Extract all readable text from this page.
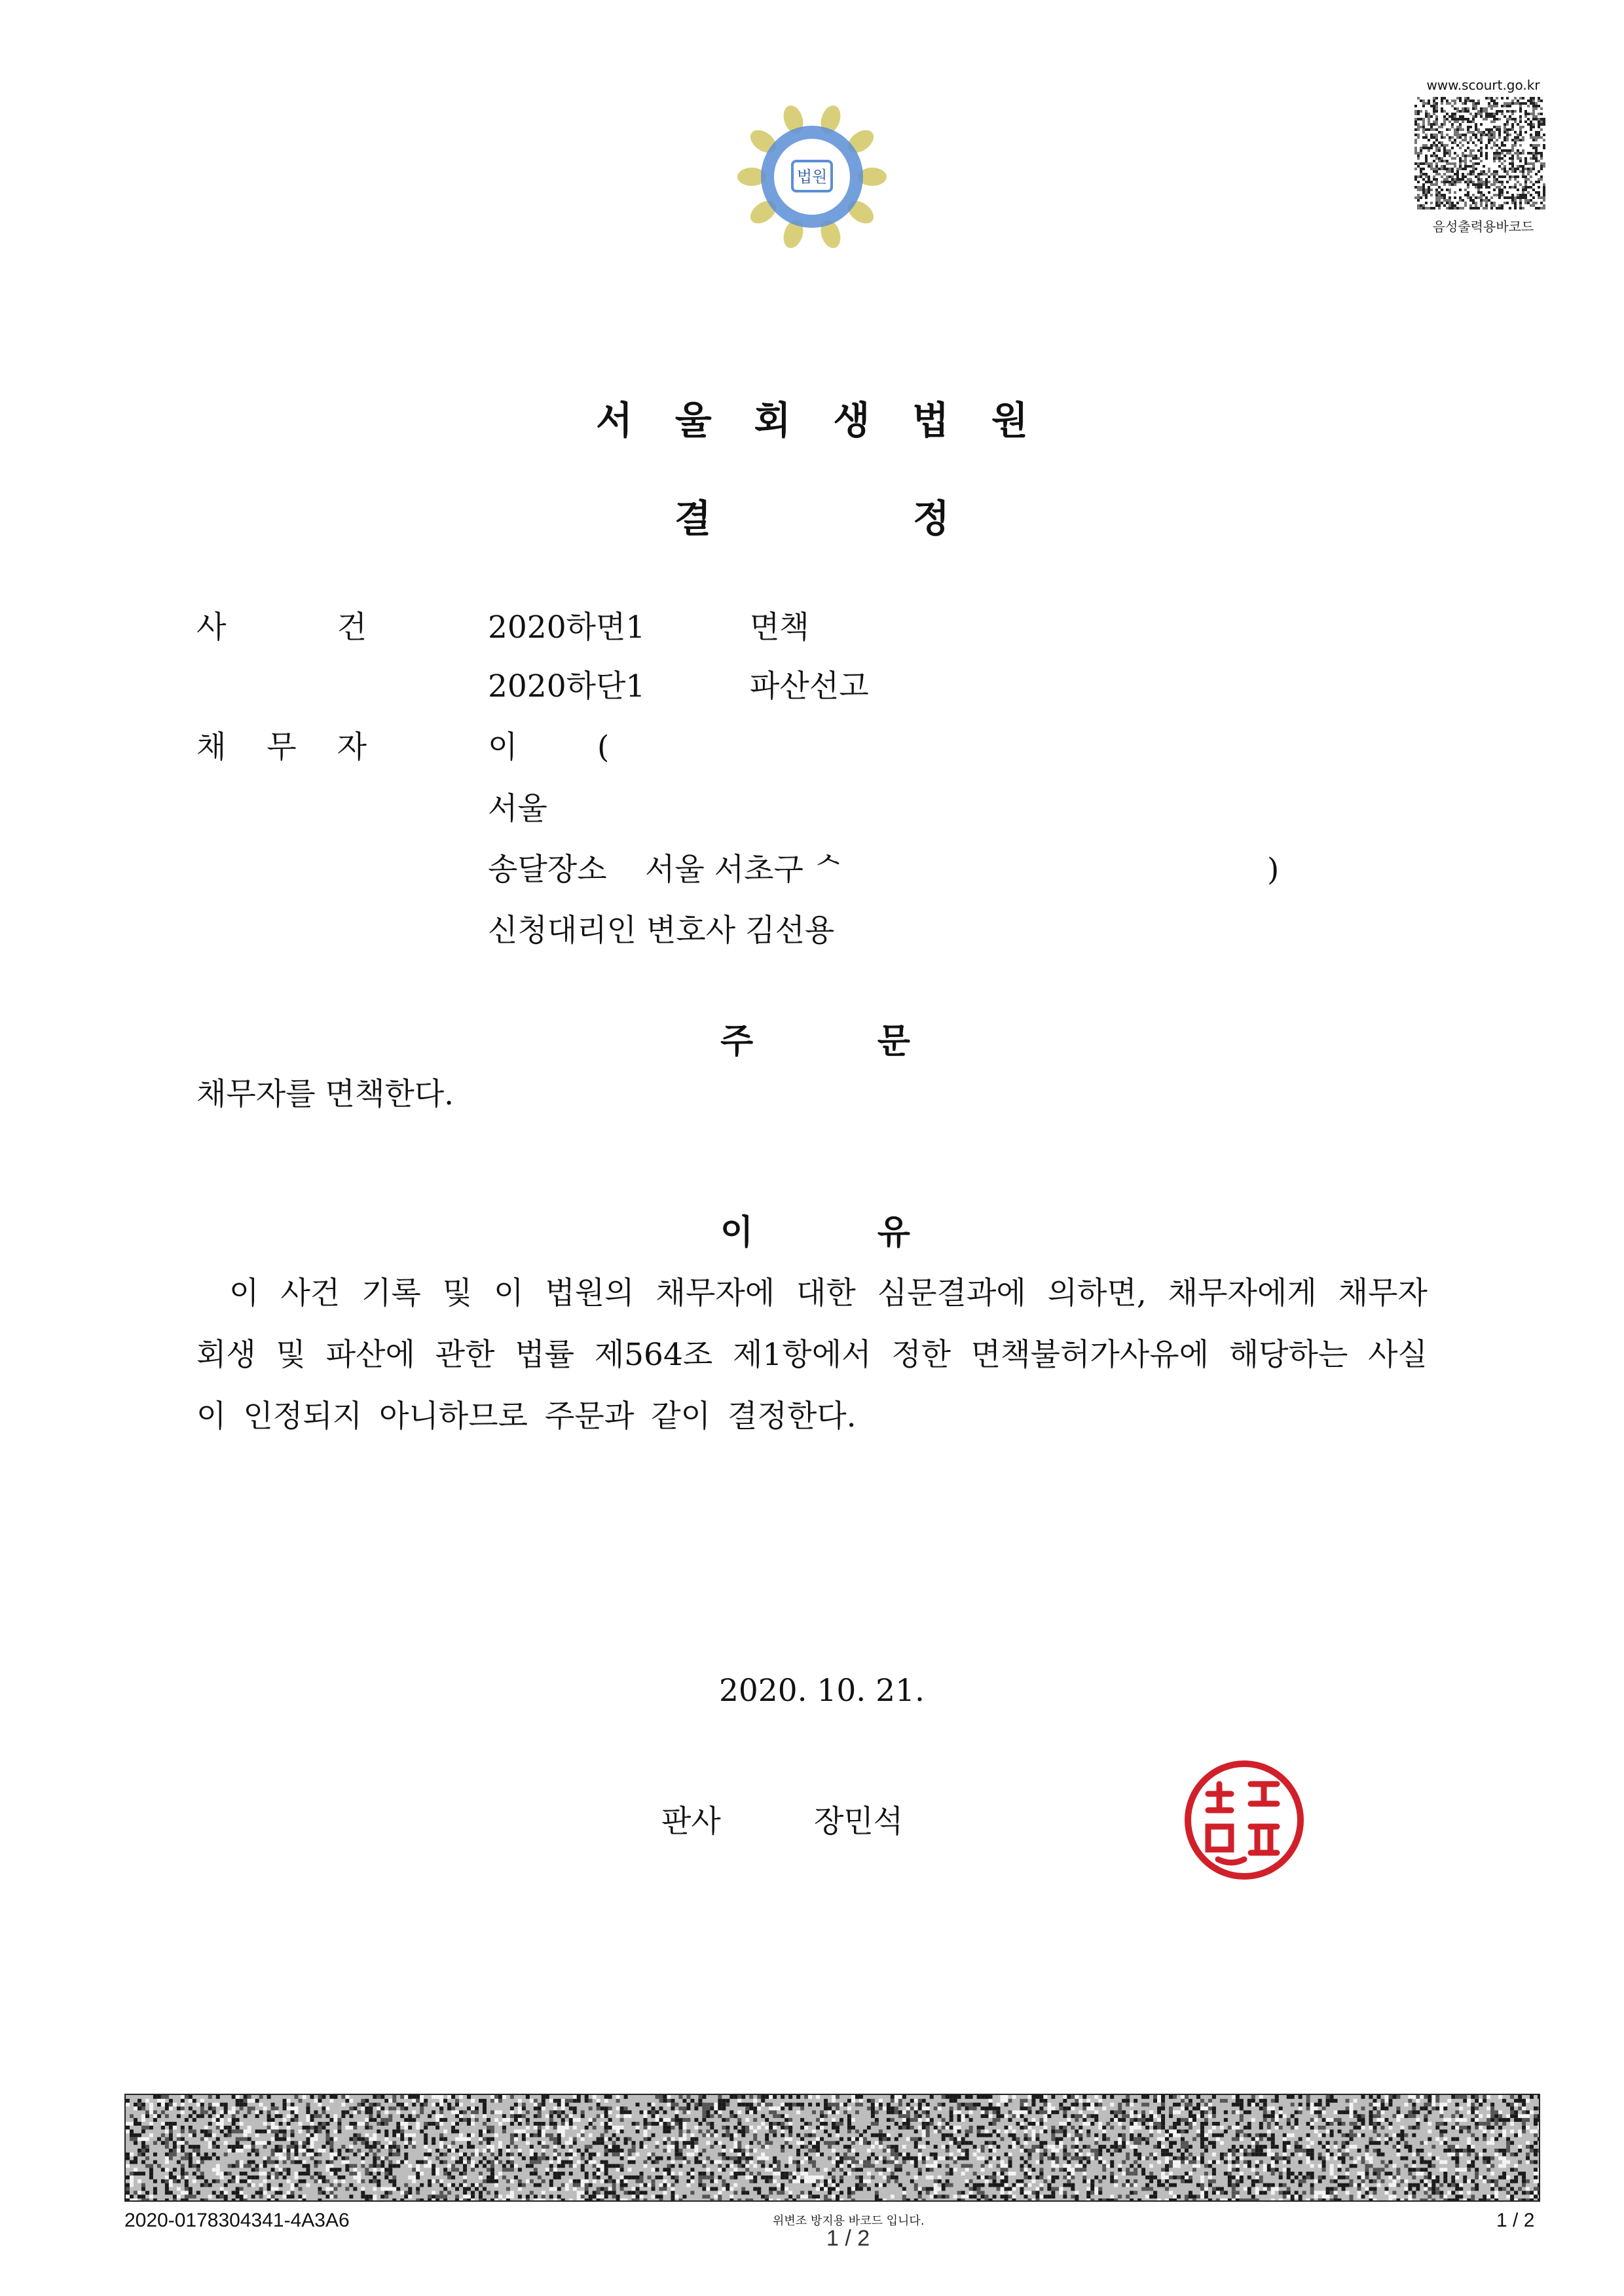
www.scourt.go.kr
음성출력용바코드
법원
서 울 회 생 법 원
결	정
사	건	2020하면1	면책
2020하단1	파산선고
채 무 자	이	(
서울
송달장소 서울 서초구 ᄉ	)
신청대리인 변호사 김선용
주	문
채무자를 면책한다.
이	유
이 사건 기록 및 이 법원의 채무자에 대한 심문결과에 의하면, 채무자에게 채무자
회생 및 파산에 관한 법률 제564조 제1항에서 정한 면책불허가사유에 해당하는 사실
이 인정되지 아니하므로 주문과 같이 결정한다.
2020. 10. 21.
판사	장민석
2020-0178304341-4A3A6	위변조 방지용 바코드 입니다.
1 / 2
1 / 2
